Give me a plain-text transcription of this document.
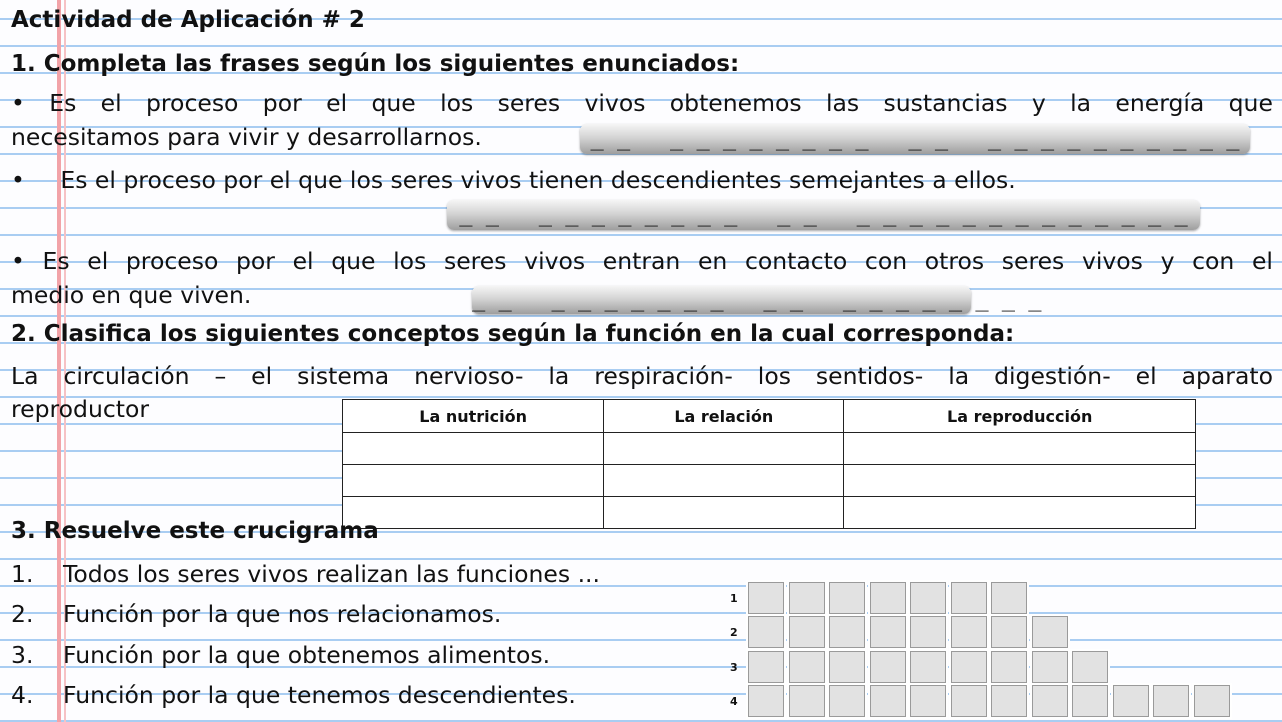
Actividad de Aplicación # 2
1. Completa las frases según los siguientes enunciados:
• Es el proceso por el que los seres vivos obtenemos las sustancias y la energía que
necesitamos para vivir y desarrollarnos.	_ _   _ _ _ _ _ _ _ _   _ _   _ _ _ _ _ _ _ _ _ _
• Es el proceso por el que los seres vivos tienen descendientes semejantes a ellos.
_ _   _ _ _ _ _ _ _ _   _ _   _ _ _ _ _ _ _ _ _ _ _ _ _
• Es el proceso por el que los seres vivos entran en contacto con otros seres vivos y con el
medio en que viven.	_ _   _ _ _ _ _ _ _   _ _   _ _ _ _ _ _ _ _
2. Clasifica los siguientes conceptos según la función en la cual corresponda:
La circulación – el sistema nervioso- la respiración- los sentidos- la digestión- el aparato
reproductor	La nutrición	La relación	La reproducción

3. Resuelve este crucigrama
1. Todos los seres vivos realizan las funciones ...
2. Función por la que nos relacionamos.
3. Función por la que obtenemos alimentos.
4. Función por la que tenemos descendientes.
1
2
3
4
